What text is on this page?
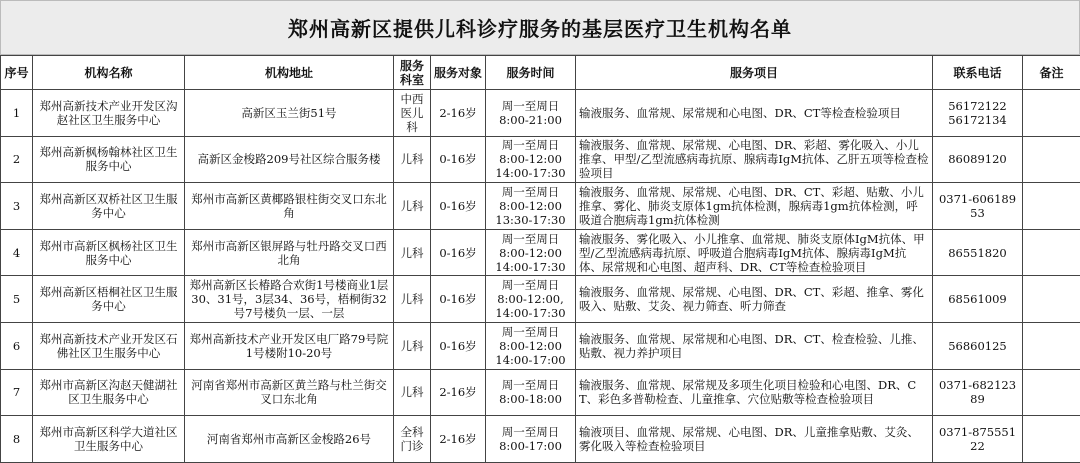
郑州高新区提供儿科诊疗服务的基层医疗卫生机构名单
序号	机构名称	机构地址	服务科室	服务对象	服务时间	服务项目	联系电话	备注
1	郑州高新技术产业开发区沟赵社区卫生服务中心	高新区玉兰街51号	中西医儿科	2-16岁	周一至周日
8:00-21:00	输液服务、血常规、尿常规和心电图、DR、CT等检查检验项目	56172122
56172134	
2	郑州高新枫杨翰林社区卫生服务中心	高新区金梭路209号社区综合服务楼	儿科	0-16岁	周一至周日
8:00-12:00
14:00-17:30	输液服务、血常规、尿常规、心电图、DR、彩超、雾化吸入、小儿推拿、甲型/乙型流感病毒抗原、腺病毒IgM抗体、乙肝五项等检查检验项目	86089120	
3	郑州高新区双桥社区卫生服务中心	郑州市高新区黄椰路银柱街交叉口东北角	儿科	0-16岁	周一至周日
8:00-12:00
13:30-17:30	输液服务、血常规、尿常规、心电图、DR、CT、彩超、贴敷、小儿推拿、雾化、肺炎支原体1gm抗体检测，腺病毒1gm抗体检测，呼吸道合胞病毒1gm抗体检测	0371-60618953	
4	郑州市高新区枫杨社区卫生服务中心	郑州市高新区银屏路与牡丹路交叉口西北角	儿科	0-16岁	周一至周日
8:00-12:00
14:00-17:30	输液服务、雾化吸入、小儿推拿、血常规、肺炎支原体IgM抗体、甲型/乙型流感病毒抗原、呼吸道合胞病毒IgM抗体、腺病毒IgM抗体、尿常规和心电图、超声科、DR、CT等检查检验项目	86551820	
5	郑州高新区梧桐社区卫生服务中心	郑州高新区长椿路合欢街1号楼商业1层30、31号，3层34、36号，梧桐街32号7号楼负一层、一层	儿科	0-16岁	周一至周日
8:00-12:00,
14:00-17:30	输液服务、血常规、尿常规、心电图、DR、CT、彩超、推拿、雾化吸入、贴敷、艾灸、视力筛查、听力筛查	68561009	
6	郑州高新技术产业开发区石佛社区卫生服务中心	郑州高新技术产业开发区电厂路79号院1号楼附10-20号	儿科	0-16岁	周一至周日
8:00-12:00
14:00-17:00	输液服务、血常规、尿常规和心电图、DR、CT、检查检验、儿推、贴敷、视力养护项目	56860125	
7	郑州市高新区沟赵天健湖社区卫生服务中心	河南省郑州市高新区黄兰路与杜兰街交叉口东北角	儿科	2-16岁	周一至周日
8:00-18:00	输液服务、血常规、尿常规及多项生化项目检验和心电图、DR、CT、彩色多普勒检查、儿童推拿、穴位贴敷等检查检验项目	0371-68212389	
8	郑州市高新区科学大道社区卫生服务中心	河南省郑州市高新区金梭路26号	全科门诊	2-16岁	周一至周日
8:00-17:00	输液项目、血常规、尿常规、心电图、DR、儿童推拿贴敷、艾灸、雾化吸入等检查检验项目	0371-87555122	
